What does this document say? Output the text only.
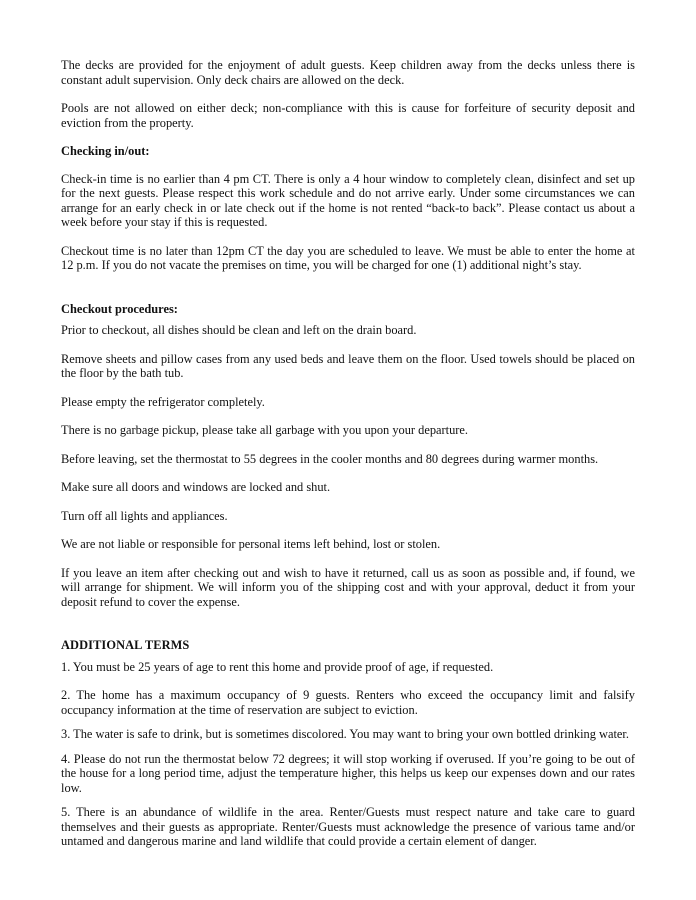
The decks are provided for the enjoyment of adult guests. Keep children away from the decks unless there is constant adult supervision. Only deck chairs are allowed on the deck.

Pools are not allowed on either deck; non-compliance with this is cause for forfeiture of security deposit and eviction from the property.

Checking in/out:

Check-in time is no earlier than 4 pm CT. There is only a 4 hour window to completely clean, disinfect and set up for the next guests. Please respect this work schedule and do not arrive early. Under some circumstances we can arrange for an early check in or late check out if the home is not rented “back-to back”. Please contact us about a week before your stay if this is requested.

Checkout time is no later than 12pm CT the day you are scheduled to leave. We must be able to enter the home at 12 p.m. If you do not vacate the premises on time, you will be charged for one (1) additional night’s stay.

Checkout procedures:

Prior to checkout, all dishes should be clean and left on the drain board.

Remove sheets and pillow cases from any used beds and leave them on the floor. Used towels should be placed on the floor by the bath tub.

Please empty the refrigerator completely.

There is no garbage pickup, please take all garbage with you upon your departure.

Before leaving, set the thermostat to 55 degrees in the cooler months and 80 degrees during warmer months.

Make sure all doors and windows are locked and shut.

Turn off all lights and appliances.

We are not liable or responsible for personal items left behind, lost or stolen.

If you leave an item after checking out and wish to have it returned, call us as soon as possible and, if found, we will arrange for shipment. We will inform you of the shipping cost and with your approval, deduct it from your deposit refund to cover the expense.

ADDITIONAL TERMS

1. You must be 25 years of age to rent this home and provide proof of age, if requested.

2. The home has a maximum occupancy of 9 guests. Renters who exceed the occupancy limit and falsify occupancy information at the time of reservation are subject to eviction.

3. The water is safe to drink, but is sometimes discolored. You may want to bring your own bottled drinking water.

4. Please do not run the thermostat below 72 degrees; it will stop working if overused. If you’re going to be out of the house for a long period time, adjust the temperature higher, this helps us keep our expenses down and our rates low.

5. There is an abundance of wildlife in the area. Renter/Guests must respect nature and take care to guard themselves and their guests as appropriate. Renter/Guests must acknowledge the presence of various tame and/or untamed and dangerous marine and land wildlife that could provide a certain element of danger.
